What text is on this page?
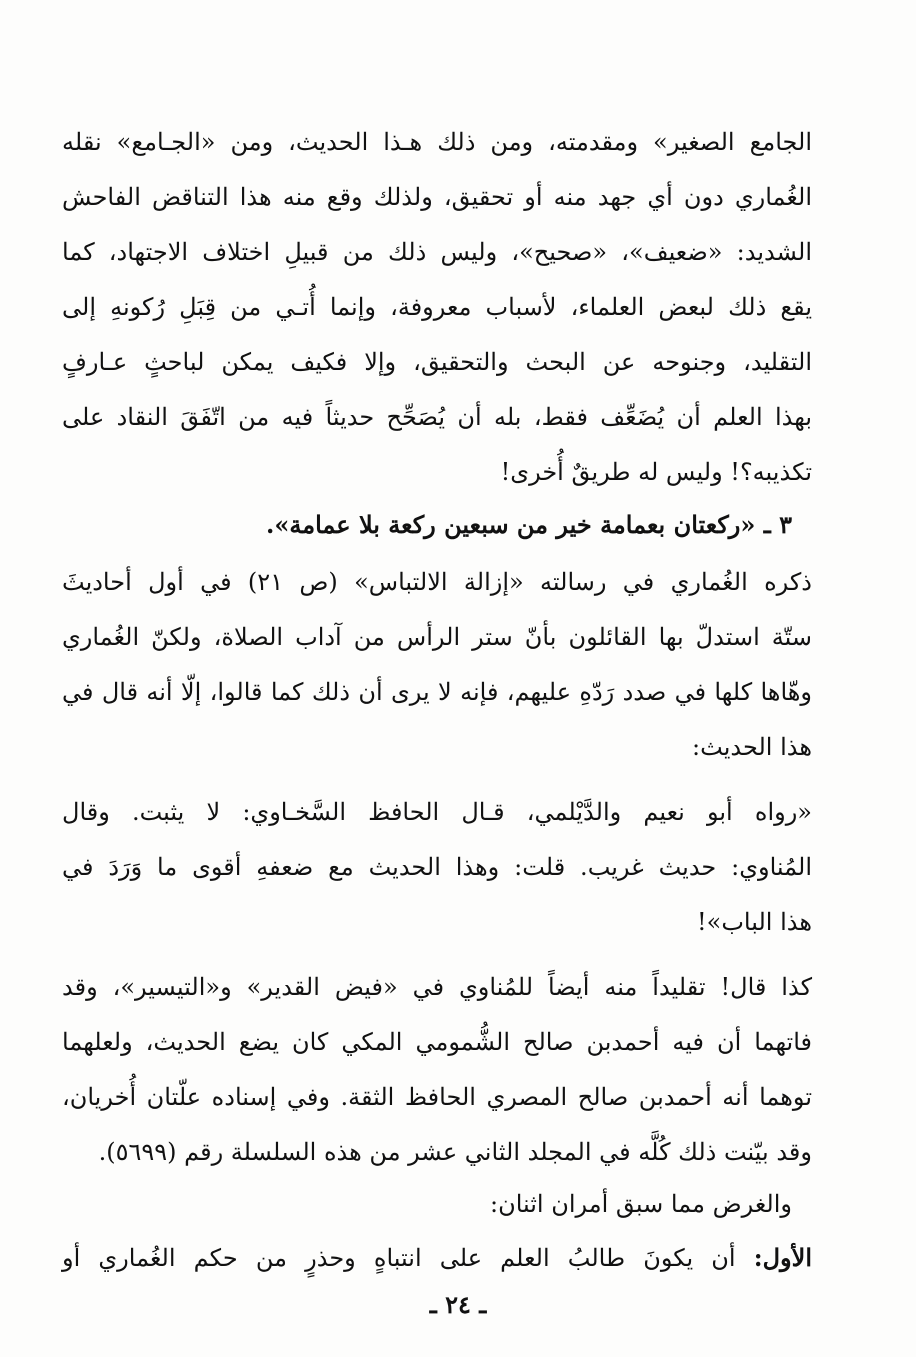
الجامع الصغير» ومقدمته، ومن ذلك هـذا الحديث، ومن «الجـامع» نقله
الغُماري دون أي جهد منه أو تحقيق، ولذلك وقع منه هذا التناقض الفاحش
الشديد: «ضعيف»، «صحيح»، وليس ذلك من قبيلِ اختلاف الاجتهاد، كما
يقع ذلك لبعض العلماء، لأسباب معروفة، وإنما أُتـي من قِبَلِ رُكونهِ إلى
التقليد، وجنوحه عن البحث والتحقيق، وإلا فكيف يمكن لباحثٍ عـارفٍ
بهذا العلم أن يُضَعِّف فقط، بله أن يُصَحِّح حديثاً فيه من اتّفَقَ النقاد على
تكذيبه؟! وليس له طريقٌ أُخرى!
٣ ـ «ركعتان بعمامة خير من سبعين ركعة بلا عمامة».
ذكره الغُماري في رسالته «إزالة الالتباس» (ص ٢١) في أول أحاديثَ
ستّة استدلّ بها القائلون بأنّ ستر الرأس من آداب الصلاة، ولكنّ الغُماري
وهّاها كلها في صدد رَدّهِ عليهم، فإنه لا يرى أن ذلك كما قالوا، إلّا أنه قال في
هذا الحديث:
«رواه أبو نعيم والدَّيْلمي، قـال الحافظ السَّخـاوي: لا يثبت. وقال
المُناوي: حديث غريب. قلت: وهذا الحديث مع ضعفهِ أقوى ما وَرَدَ في
هذا الباب»!
كذا قال! تقليداً منه أيضاً للمُناوي في «فيض القدير» و«التيسير»، وقد
فاتهما أن فيه أحمدبن صالح الشُّمومي المكي كان يضع الحديث، ولعلهما
توهما أنه أحمدبن صالح المصري الحافظ الثقة. وفي إسناده علّتان أُخريان،
وقد بيّنت ذلك كُلَّه في المجلد الثاني عشر من هذه السلسلة رقم (٥٦٩٩).
والغرض مما سبق أمران اثنان:
الأول: أن يكونَ طالبُ العلم على انتباهٍ وحذرٍ من حكم الغُماري أو
ـ ٢٤ ـ
